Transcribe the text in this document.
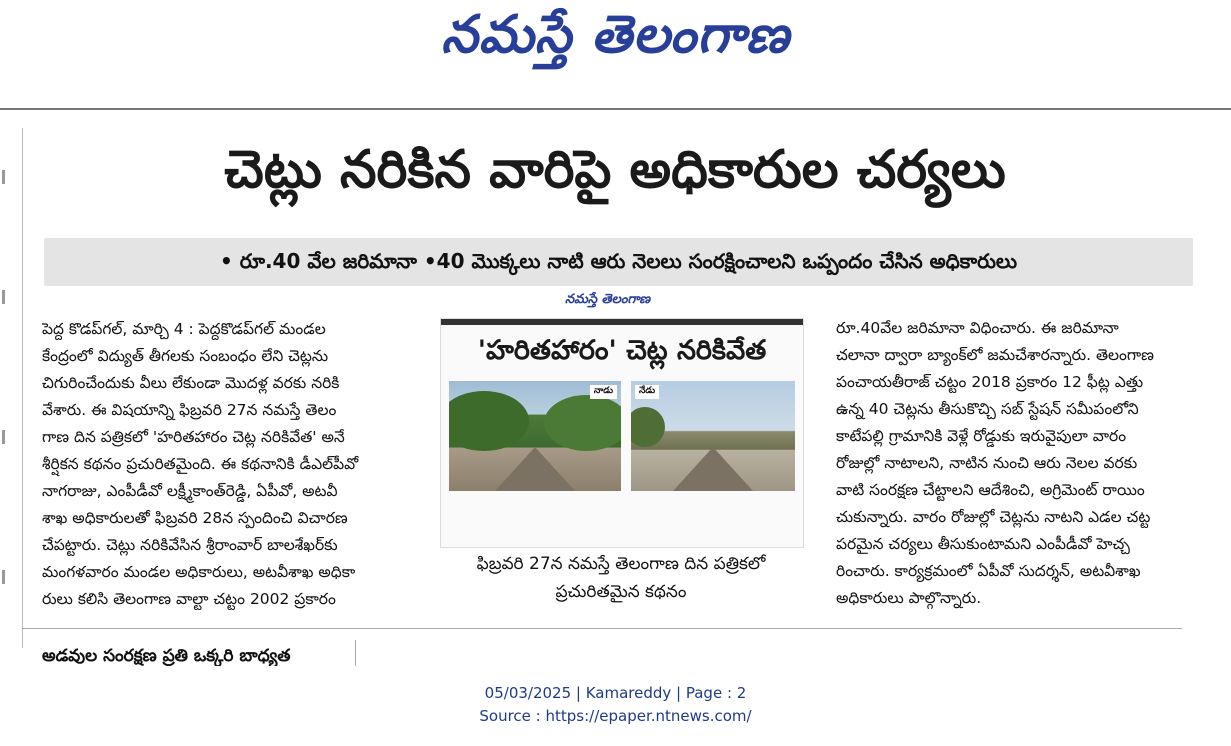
నమస్తే తెలంగాణ
చెట్లు నరికిన వారిపై అధికారుల చర్యలు
• రూ.40 వేల జరిమానా •40 మొక్కలు నాటి ఆరు నెలలు సంరక్షించాలని ఒప్పందం చేసిన అధికారులు
నమస్తే తెలంగాణ
పెద్ద కొడప్‌గల్, మార్చి 4 : పెద్దకొడప్‌గల్ మండల
కేంద్రంలో విద్యుత్ తీగలకు సంబంధం లేని చెట్లను
చిగురించేందుకు వీలు లేకుండా మొదళ్ల వరకు నరికి
వేశారు. ఈ విషయాన్ని ఫిబ్రవరి 27న నమస్తే తెలం
గాణ దిన పత్రికలో 'హరితహారం చెట్ల నరికివేత' అనే
శీర్షికన కథనం ప్రచురితమైంది. ఈ కథనానికి డీఎల్‌పీవో
నాగరాజు, ఎంపీడీవో లక్ష్మీకాంత్‌రెడ్డి, ఏపీవో, అటవీ
శాఖ అధికారులతో ఫిబ్రవరి 28న స్పందించి విచారణ
చేపట్టారు. చెట్లు నరికివేసిన శ్రీరాంవార్ బాలశేఖర్‌కు
మంగళవారం మండల అధికారులు, అటవీశాఖ అధికా
రులు కలిసి తెలంగాణ వాల్టా చట్టం 2002 ప్రకారం
'హరితహారం' చెట్ల నరికివేత
నాడు	నేడు
ఫిబ్రవరి 27న నమస్తే తెలంగాణ దిన పత్రికలో
ప్రచురితమైన కథనం
రూ.40వేల జరిమానా విధించారు. ఈ జరిమానా
చలానా ద్వారా బ్యాంక్‌లో జమచేశారన్నారు. తెలంగాణ
పంచాయతీరాజ్ చట్టం 2018 ప్రకారం 12 ఫీట్ల ఎత్తు
ఉన్న 40 చెట్లను తీసుకొచ్చి సబ్ స్టేషన్ సమీపంలోని
కాటేపల్లి గ్రామానికి వెళ్లే రోడ్డుకు ఇరువైపులా వారం
రోజుల్లో నాటాలని, నాటిన నుంచి ఆరు నెలల వరకు
వాటి సంరక్షణ చేట్టాలని ఆదేశించి, అగ్రిమెంట్ రాయిం
చుకున్నారు. వారం రోజుల్లో చెట్లను నాటని ఎడల చట్ట
పరమైన చర్యలు తీసుకుంటామని ఎంపీడీవో హెచ్చ
రించారు. కార్యక్రమంలో ఏపీవో సుదర్శన్, అటవీశాఖ
అధికారులు పాల్గొన్నారు.
అడవుల సంరక్షణ ప్రతి ఒక్కరి బాధ్యత
05/03/2025 | Kamareddy | Page : 2
Source : https://epaper.ntnews.com/
